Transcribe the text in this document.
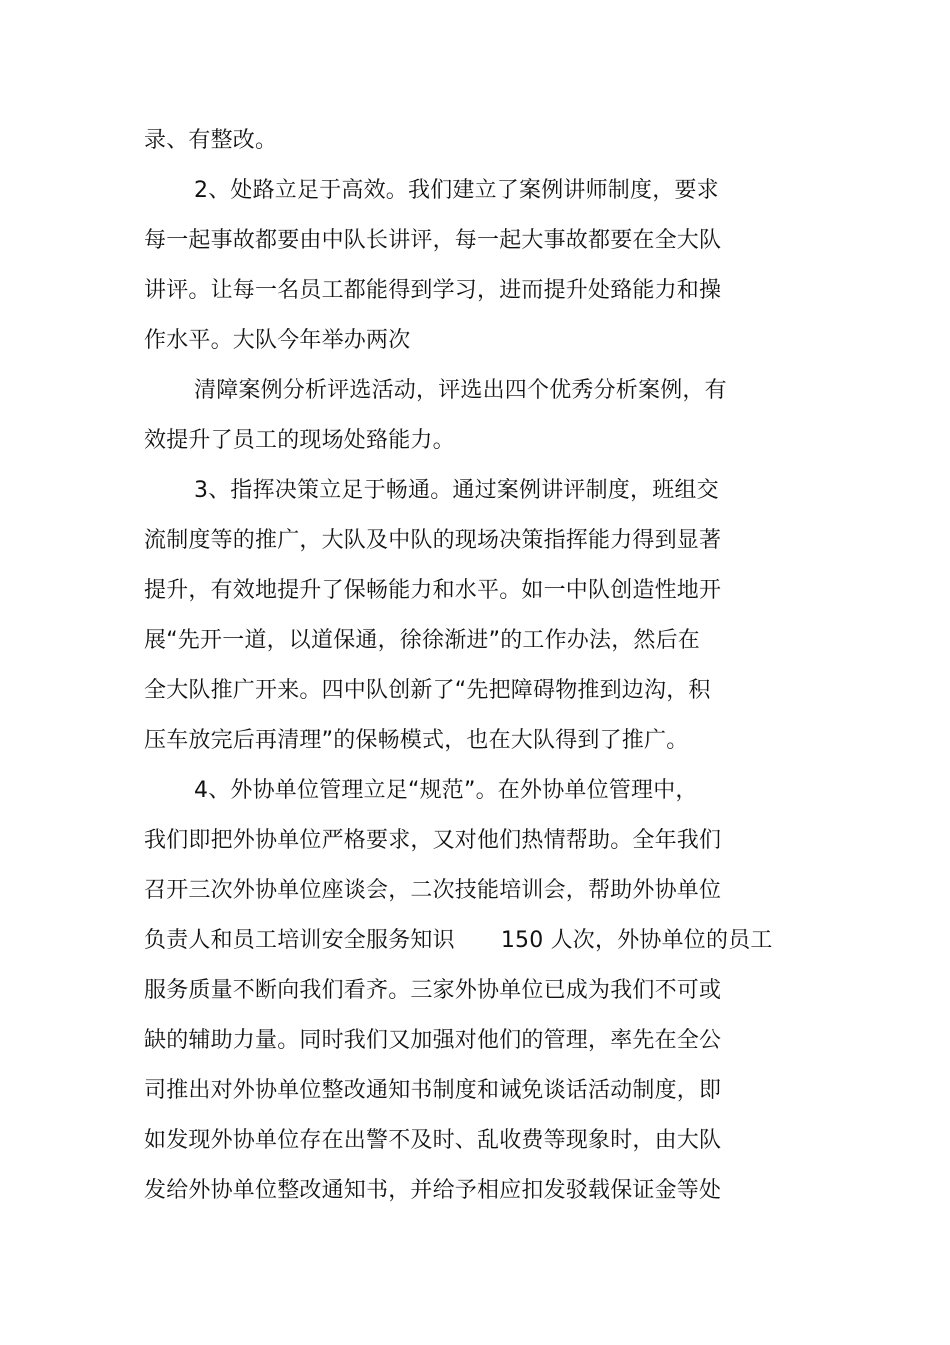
录、有整改。
2、处路立足于高效。我们建立了案例讲师制度，要求
每一起事故都要由中队长讲评，每一起大事故都要在全大队
讲评。让每一名员工都能得到学习，进而提升处臵能力和操
作水平。大队今年举办两次
清障案例分析评选活动，评选出四个优秀分析案例，有
效提升了员工的现场处臵能力。
3、指挥决策立足于畅通。通过案例讲评制度，班组交
流制度等的推广，大队及中队的现场决策指挥能力得到显著
提升，有效地提升了保畅能力和水平。如一中队创造性地开
展“先开一道，以道保通，徐徐渐进”的工作办法，然后在
全大队推广开来。四中队创新了“先把障碍物推到边沟，积
压车放完后再清理”的保畅模式，也在大队得到了推广。
4、外协单位管理立足“规范”。在外协单位管理中，
我们即把外协单位严格要求，又对他们热情帮助。全年我们
召开三次外协单位座谈会，二次技能培训会，帮助外协单位
负责人和员工培训安全服务知识 150 人次，外协单位的员工
服务质量不断向我们看齐。三家外协单位已成为我们不可或
缺的辅助力量。同时我们又加强对他们的管理，率先在全公
司推出对外协单位整改通知书制度和诫免谈话活动制度，即
如发现外协单位存在出警不及时、乱收费等现象时，由大队
发给外协单位整改通知书，并给予相应扣发驳载保证金等处
